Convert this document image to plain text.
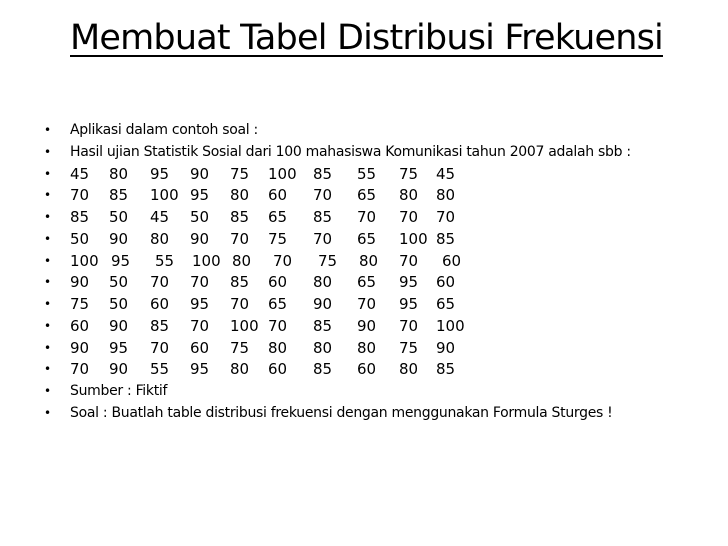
Membuat Tabel Distribusi Frekuensi
• Aplikasi dalam contoh soal :
• Hasil ujian Statistik Sosial dari 100 mahasiswa Komunikasi tahun 2007 adalah sbb :
• 45 80 95 90 75 100 85 55 75 45
• 70 85 100 95 80 60 70 65 80 80
• 85 50 45 50 85 65 85 70 70 70
• 50 90 80 90 70 75 70 65 100 85
• 100 95 55 100 80 70 75 80 70 60
• 90 50 70 70 85 60 80 65 95 60
• 75 50 60 95 70 65 90 70 95 65
• 60 90 85 70 100 70 85 90 70 100
• 90 95 70 60 75 80 80 80 75 90
• 70 90 55 95 80 60 85 60 80 85
• Sumber : Fiktif
• Soal : Buatlah table distribusi frekuensi dengan menggunakan Formula Sturges !
